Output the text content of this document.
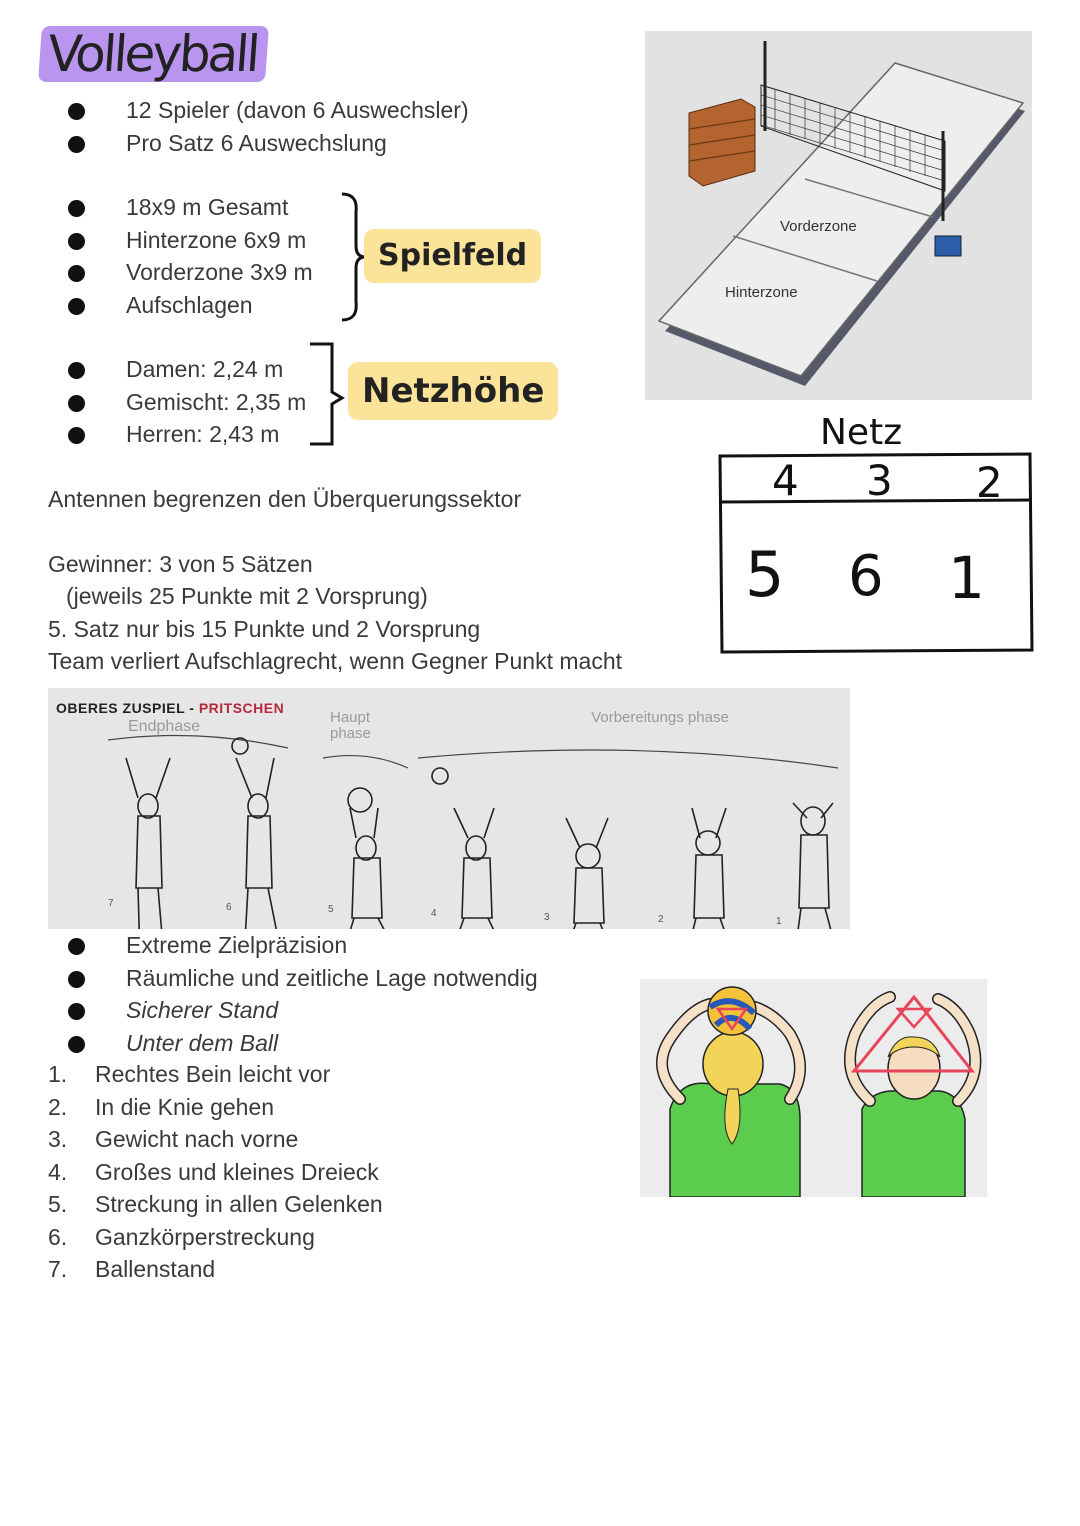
Volleyball
12 Spieler (davon 6 Auswechsler)
Pro Satz 6 Auswechslung
18x9 m Gesamt
Hinterzone 6x9 m
Vorderzone 3x9 m
Aufschlagen
Spielfeld
Damen: 2,24 m
Gemischt: 2,35 m
Herren: 2,43 m
Netzhöhe
Antennen begrenzen den Überquerungssektor
Gewinner: 3 von 5 Sätzen
(jeweils 25 Punkte mit 2 Vorsprung)
5. Satz nur bis 15 Punkte und 2 Vorsprung
Team verliert Aufschlagrecht, wenn Gegner Punkt macht
Vorderzone
Hinterzone
Netz
4 3 2
5 6 1
OBERES ZUSPIEL - PRITSCHEN
Endphase
Haupt phase
Vorbereitungs phase
7	6	5	4	3	2	1
Extreme Zielpräzision
Räumliche und zeitliche Lage notwendig
Sicherer Stand
Unter dem Ball
1.	Rechtes Bein leicht vor
2.	In die Knie gehen
3.	Gewicht nach vorne
4.	Großes und kleines Dreieck
5.	Streckung in allen Gelenken
6.	Ganzkörperstreckung
7.	Ballenstand
